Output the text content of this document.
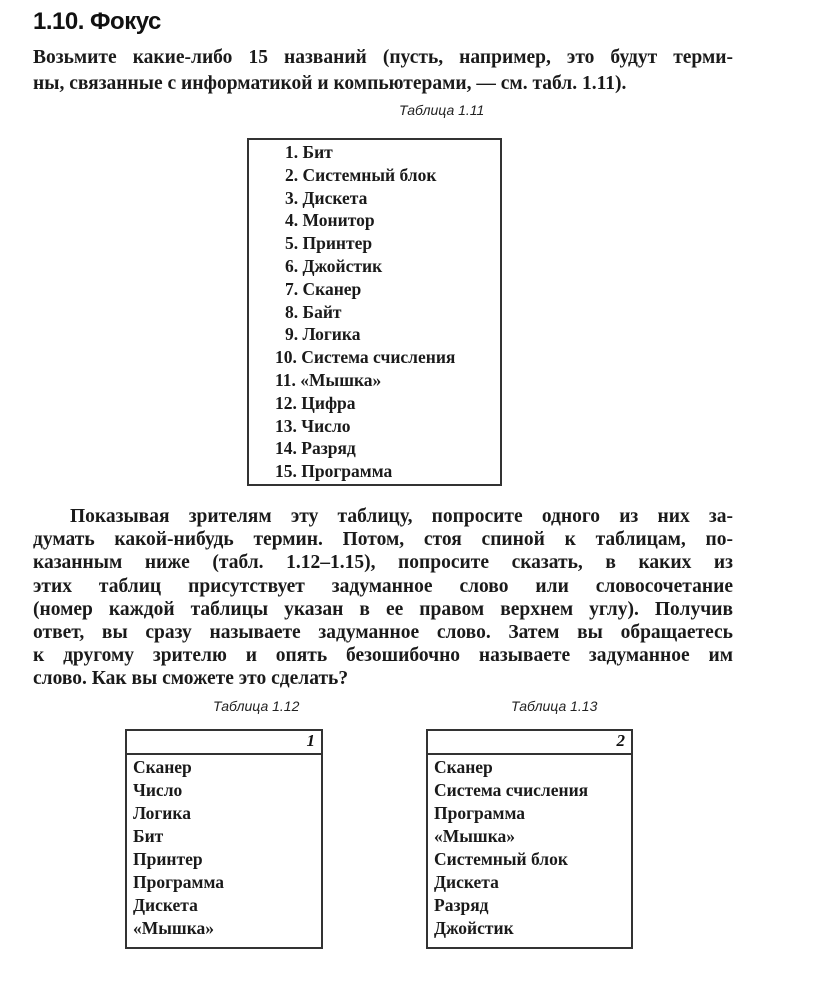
1.10. Фокус
Возьмите какие-либо 15 названий (пусть, например, это будут терми-
ны, связанные с информатикой и компьютерами, — см. табл. 1.11).
Таблица 1.11
1. Бит
2. Системный блок
3. Дискета
4. Монитор
5. Принтер
6. Джойстик
7. Сканер
8. Байт
9. Логика
10. Система счисления
11. «Мышка»
12. Цифра
13. Число
14. Разряд
15. Программа
Показывая зрителям эту таблицу, попросите одного из них за-
думать какой-нибудь термин. Потом, стоя спиной к таблицам, по-
казанным ниже (табл. 1.12–1.15), попросите сказать, в каких из
этих таблиц присутствует задуманное слово или словосочетание
(номер каждой таблицы указан в ее правом верхнем углу). Получив
ответ, вы сразу называете задуманное слово. Затем вы обращаетесь
к другому зрителю и опять безошибочно называете задуманное им
слово. Как вы сможете это сделать?
Таблица 1.12
1
Сканер
Число
Логика
Бит
Принтер
Программа
Дискета
«Мышка»
Таблица 1.13
2
Сканер
Система счисления
Программа
«Мышка»
Системный блок
Дискета
Разряд
Джойстик
